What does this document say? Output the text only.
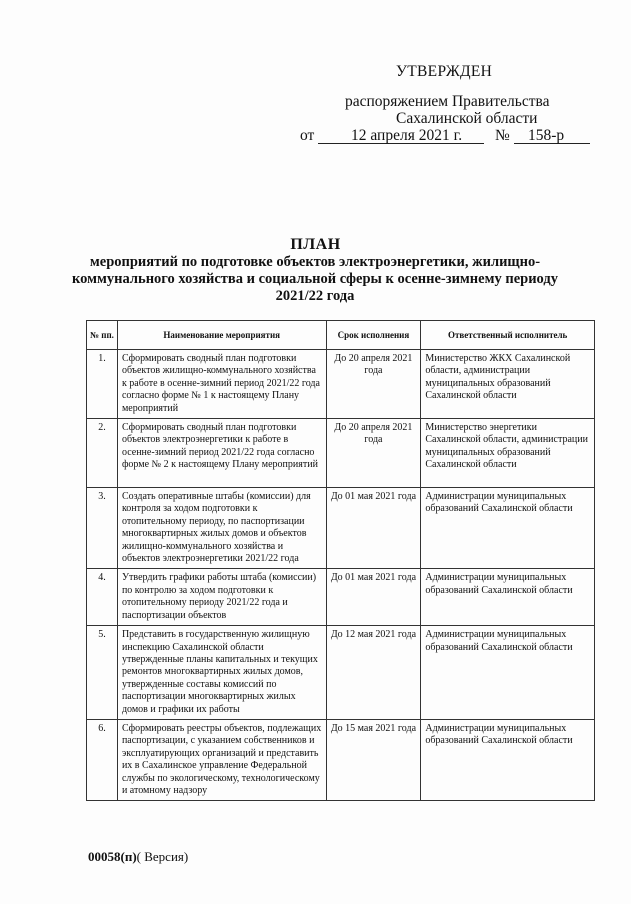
УТВЕРЖДЕН
распоряжением Правительства
Сахалинской области
от 12 апреля 2021 г. № 158-р
ПЛАН
мероприятий по подготовке объектов электроэнергетики, жилищно-коммунального хозяйства и социальной сферы к осенне-зимнему периоду 2021/22 года
№ пп.	Наименование мероприятия	Срок исполнения	Ответственный исполнитель
1.	Сформировать сводный план подготовки объектов жилищно-коммунального хозяйства к работе в осенне-зимний период 2021/22 года согласно форме № 1 к настоящему Плану мероприятий	До 20 апреля 2021 года	Министерство ЖКХ Сахалинской области, администрации муниципальных образований Сахалинской области
2.	Сформировать сводный план подготовки объектов электроэнергетики к работе в осенне-зимний период 2021/22 года согласно форме № 2 к настоящему Плану мероприятий	До 20 апреля 2021 года	Министерство энергетики Сахалинской области, администрации муниципальных образований Сахалинской области
3.	Создать оперативные штабы (комиссии) для контроля за ходом подготовки к отопительному периоду, по паспортизации многоквартирных жилых домов и объектов жилищно-коммунального хозяйства и объектов электроэнергетики 2021/22 года	До 01 мая 2021 года	Администрации муниципальных образований Сахалинской области
4.	Утвердить графики работы штаба (комиссии) по контролю за ходом подготовки к отопительному периоду 2021/22 года и паспортизации объектов	До 01 мая 2021 года	Администрации муниципальных образований Сахалинской области
5.	Представить в государственную жилищную инспекцию Сахалинской области утвержденные планы капитальных и текущих ремонтов многоквартирных жилых домов, утвержденные составы комиссий по паспортизации многоквартирных жилых домов и графики их работы	До 12 мая 2021 года	Администрации муниципальных образований Сахалинской области
6.	Сформировать реестры объектов, подлежащих паспортизации, с указанием собственников и эксплуатирующих организаций и представить их в Сахалинское управление Федеральной службы по экологическому, технологическому и атомному надзору	До 15 мая 2021 года	Администрации муниципальных образований Сахалинской области
00058(п)( Версия)
